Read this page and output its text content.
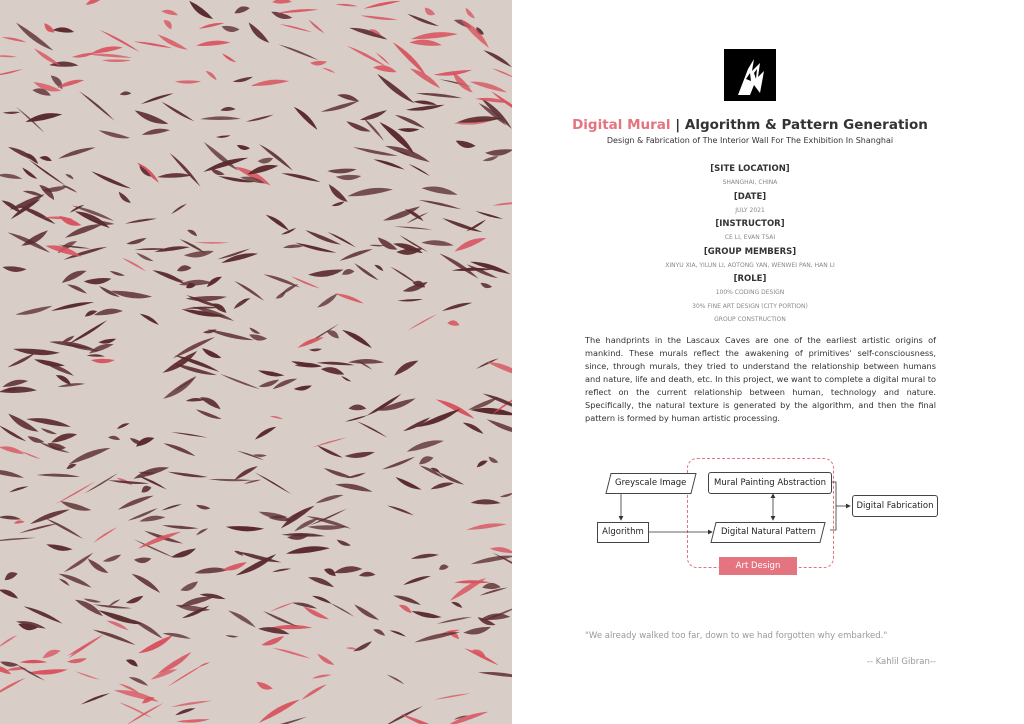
Digital Mural | Algorithm & Pattern Generation
Design & Fabrication of The Interior Wall For The Exhibition In Shanghai
[SITE LOCATION]
SHANGHAI, CHINA
[DATE]
JULY 2021
[INSTRUCTOR]
CE LI, EVAN TSAI
[GROUP MEMBERS]
XINYU XIA, YILUN LI, AOTONG YAN, WENWEI PAN, HAN LI
[ROLE]
100% CODING DESIGN
30% FINE ART DESIGN (CITY PORTION)
GROUP CONSTRUCTION

The handprints in the Lascaux Caves are one of the earliest artistic origins of mankind. These murals reflect the awakening of primitives' self-consciousness, since, through murals, they tried to understand the relationship between humans and nature, life and death, etc. In this project, we want to complete a digital mural to reflect on the current relationship between human, technology and nature. Specifically, the natural texture is generated by the algorithm, and then the final pattern is formed by human artistic processing.

Greyscale Image
Algorithm
Mural Painting Abstraction
Digital Natural Pattern
Digital Fabrication
Art Design
"We already walked too far, down to we had forgotten why embarked."
-- Kahlil Gibran--
